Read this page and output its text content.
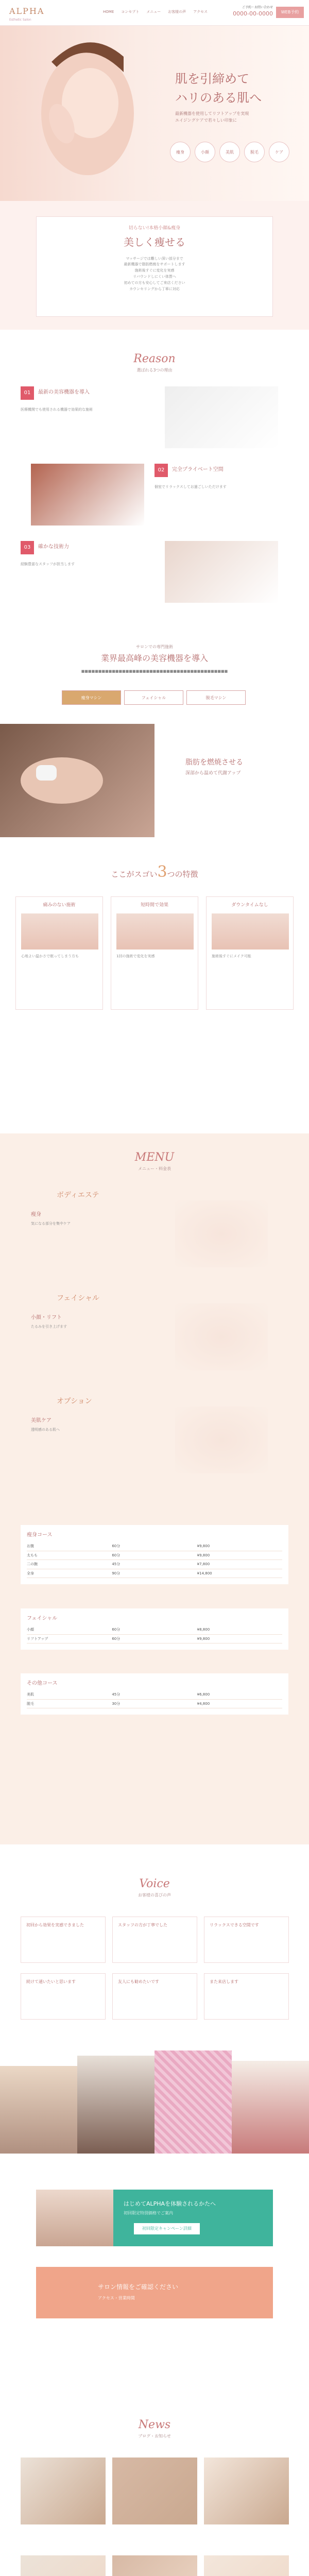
ALPHA
Esthetic Salon
HOME コンセプト メニュー お客様の声 アクセス
ご予約・お問い合わせ
0000-00-0000	WEB予約
肌を引締めて
ハリのある肌へ
最新機器を使用してリフトアップを実現
エイジングケアで若々しい印象に
痩身	小顔	美肌	脱毛	ケア
切らない!本格小顔&痩身
美しく痩せる
マッサージでは難しい深い部分まで
最新機器で脂肪燃焼をサポートします
施術後すぐに変化を実感
リバウンドしにくい体質へ
初めての方も安心してご来店ください
カウンセリングから丁寧に対応
Reason
選ばれる3つの理由
01	最新の美容機器を導入
医療機関でも使用される機器で効果的な施術
02	完全プライベート空間
個室でリラックスしてお過ごしいただけます
03	確かな技術力
経験豊富なスタッフが担当します
サロンでの専門施術
業界最高峰の美容機器を導入
■■■■■■■■■■■■■■■■■■■■■■■■■■■■■■■■■■■■■■■■■■■
痩身マシン	フェイシャル	脱毛マシン
脂肪を燃焼させる
深部から温めて代謝アップ
ここがスゴい3つの特徴
痛みのない施術
心地よい温かさで眠ってしまう方も
短時間で効果
1回の施術で変化を実感
ダウンタイムなし
施術後すぐにメイク可能
MENU
メニュー・料金表
ボディエステ
痩身
気になる部分を集中ケア
フェイシャル
小顔・リフト
たるみを引き上げます
オプション
美肌ケア
透明感のある肌へ
痩身コース
お腹	60分	¥9,800
太もも	60分	¥9,800
二の腕	45分	¥7,800
全身	90分	¥14,800
フェイシャル
小顔	60分	¥8,800
リフトアップ	60分	¥9,800
その他コース
美肌	45分	¥6,800
脱毛	30分	¥4,800
Voice
お客様の喜びの声
初回から効果を実感できました	スタッフの方が丁寧でした	リラックスできる空間です
続けて通いたいと思います	友人にも勧めたいです	また来店します
はじめてALPHAを体験されるかたへ
初回限定特別価格でご案内
初回限定キャンペーン詳細
サロン情報をご確認ください
アクセス・営業時間
News
ブログ・お知らせ
